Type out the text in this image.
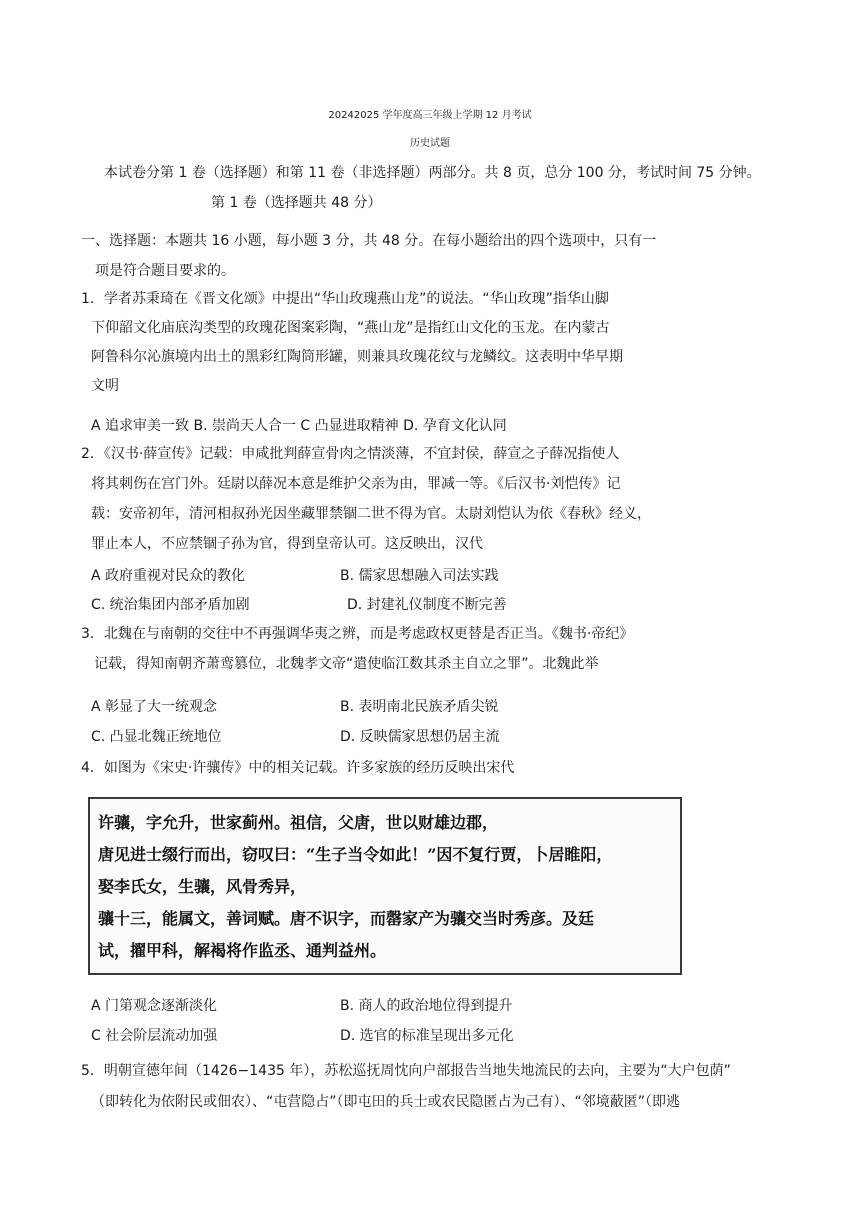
20242025 学年度高三年级上学期 12 月考试
历史试题
本试卷分第 1 卷（选择题）和第 11 卷（非选择题）两部分。共 8 页，总分 100 分，考试时间 75 分钟。
第 1 卷（选择题共 48 分）
一、选择题：本题共 16 小题，每小题 3 分，共 48 分。在每小题给出的四个选项中，只有一
项是符合题目要求的。
1．学者苏秉琦在《晋文化颂》中提出“华山玫瑰燕山龙”的说法。“华山玫瑰”指华山脚
下仰韶文化庙底沟类型的玫瑰花图案彩陶，“燕山龙”是指红山文化的玉龙。在内蒙古
阿鲁科尔沁旗境内出土的黑彩红陶筒形罐，则兼具玫瑰花纹与龙鳞纹。这表明中华早期
文明
A 追求审美一致 B. 崇尚天人合一 C 凸显进取精神 D. 孕育文化认同
2．《汉书·薛宣传》记载：申咸批判薛宣骨肉之情淡薄，不宜封侯，薛宣之子薛况指使人
将其刺伤在宫门外。廷尉以薛况本意是维护父亲为由，罪减一等。《后汉书·刘恺传》记
载：安帝初年，清河相叔孙光因坐藏罪禁锢二世不得为官。太尉刘恺认为依《春秋》经义，
罪止本人，不应禁锢子孙为官，得到皇帝认可。这反映出，汉代
A 政府重视对民众的教化	B. 儒家思想融入司法实践
C. 统治集团内部矛盾加剧	D. 封建礼仪制度不断完善
3．北魏在与南朝的交往中不再强调华夷之辨，而是考虑政权更替是否正当。《魏书·帝纪》
记载，得知南朝齐萧鸾篡位，北魏孝文帝“遣使临江数其杀主自立之罪”。北魏此举
A 彰显了大一统观念	B. 表明南北民族矛盾尖锐
C. 凸显北魏正统地位	D. 反映儒家思想仍居主流
4．如图为《宋史·许骧传》中的相关记载。许多家族的经历反映出宋代
许骧，字允升，世家蓟州。祖信，父唐，世以财雄边郡，
唐见进士缀行而出，窃叹曰：“生子当令如此！”因不复行贾，卜居睢阳，
娶李氏女，生骧，风骨秀异，
骧十三，能属文，善词赋。唐不识字，而罄家产为骧交当时秀彦。及廷
试，擢甲科，解褐将作监丞、通判益州。
A 门第观念逐渐淡化	B. 商人的政治地位得到提升
C 社会阶层流动加强	D. 选官的标准呈现出多元化
5．明朝宣德年间（1426−1435 年），苏松巡抚周忱向户部报告当地失地流民的去向，主要为“大户包荫”
（即转化为依附民或佃农）、“屯营隐占”（即屯田的兵士或农民隐匿占为己有）、“邻境蔽匿”（即逃
